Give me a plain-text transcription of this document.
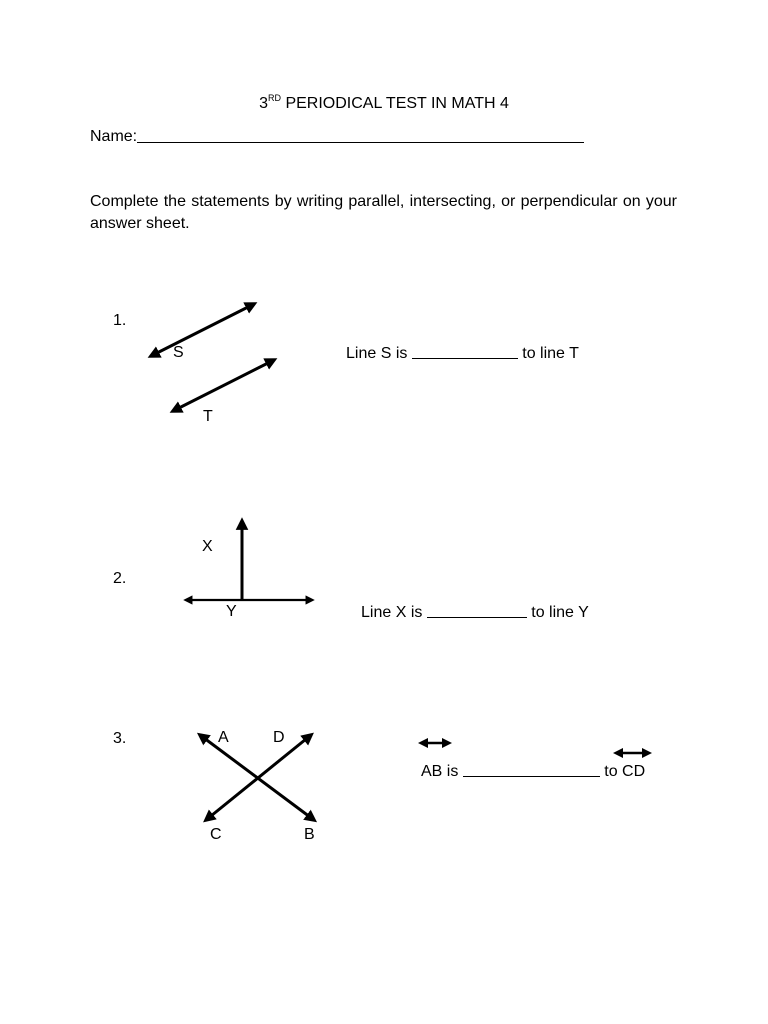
3RD PERIODICAL TEST IN MATH 4
Name:
Complete the statements by writing parallel, intersecting, or perpendicular on your answer sheet.
1.
S
T
Line S is	to line T
2.
X
Y	Line X is	to line Y
3.	A	D
C	B
AB is	to CD
